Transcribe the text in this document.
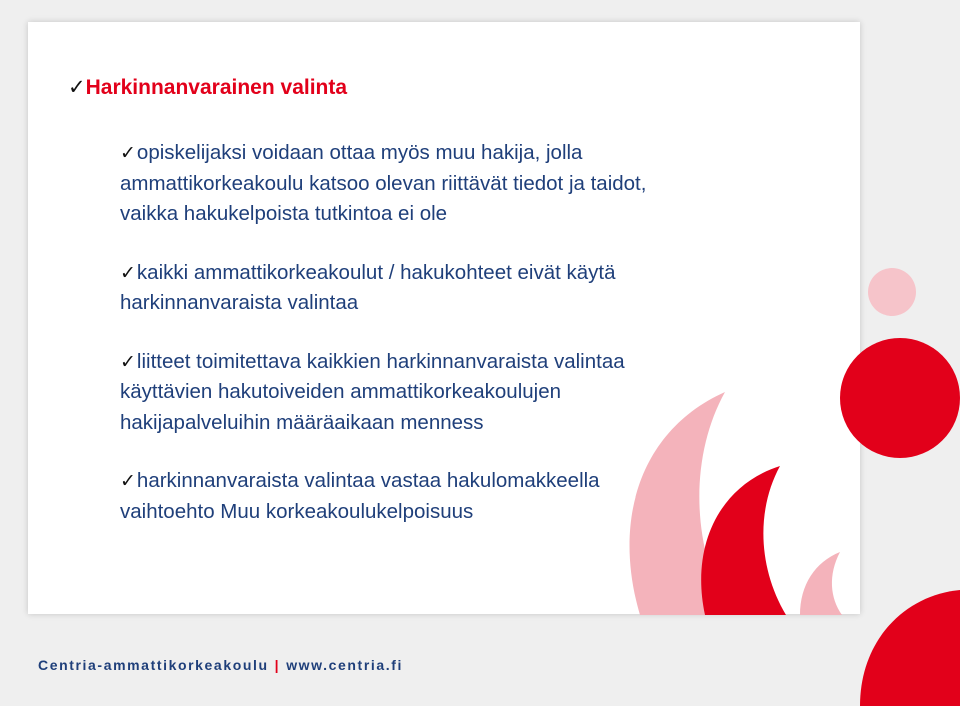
✓Harkinnanvarainen valinta
✓opiskelijaksi voidaan ottaa myös muu hakija, jolla
ammattikorkeakoulu katsoo olevan riittävät tiedot ja taidot,
vaikka hakukelpoista tutkintoa ei ole
✓kaikki ammattikorkeakoulut / hakukohteet eivät käytä
harkinnanvaraista valintaa
✓liitteet toimitettava kaikkien harkinnanvaraista valintaa
käyttävien hakutoiveiden ammattikorkeakoulujen
hakijapalveluihin määräaikaan menness
✓harkinnanvaraista valintaa vastaa hakulomakkeella
vaihtoehto Muu korkeakoulukelpoisuus
Centria-ammattikorkeakoulu | www.centria.fi
